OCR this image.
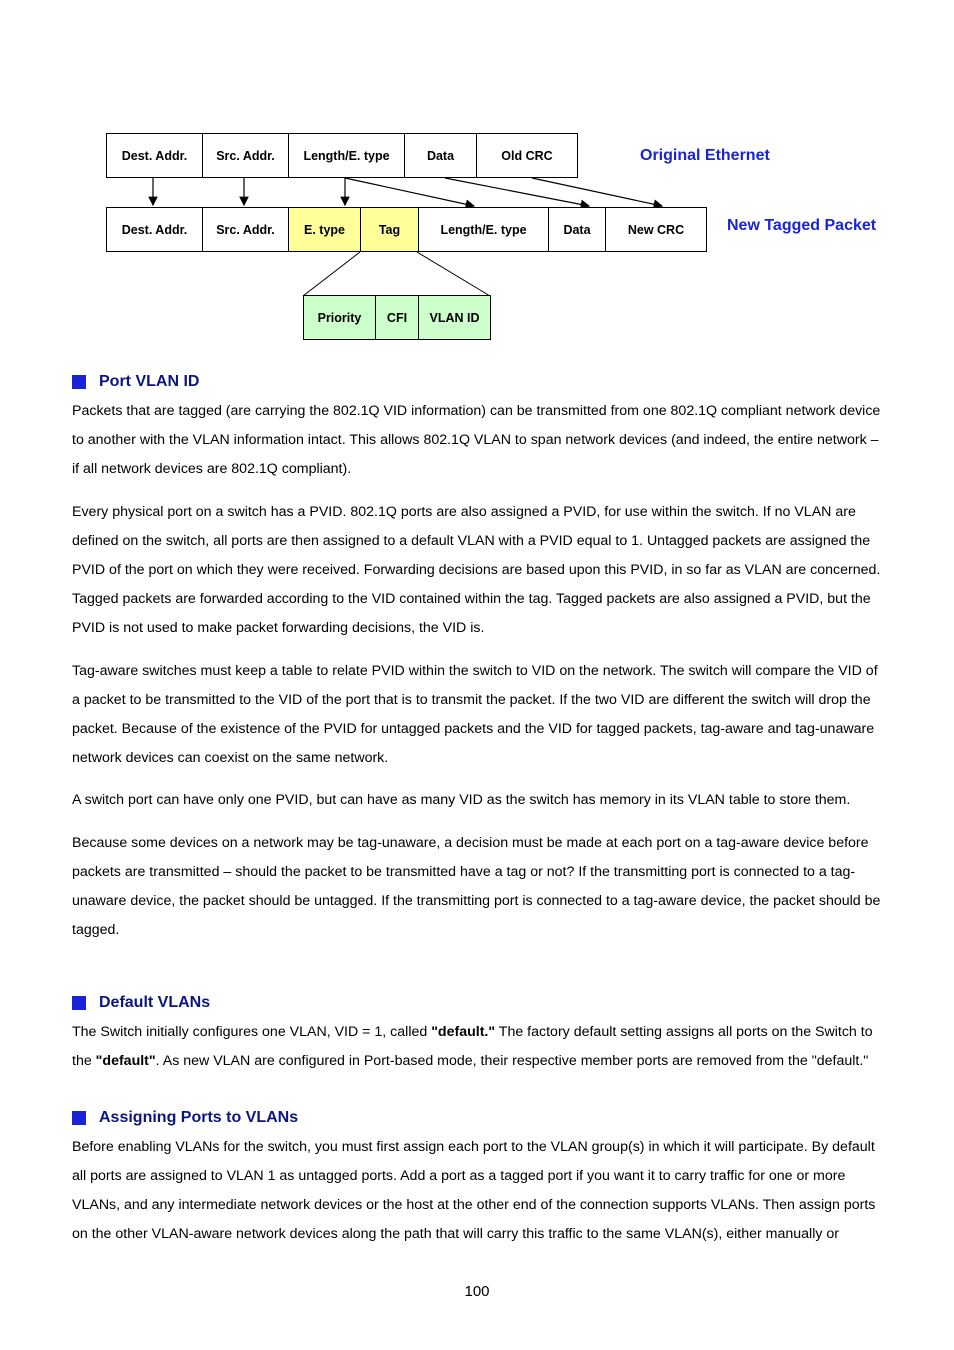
Dest. Addr.	Src. Addr.	Length/E. type	Data	Old CRC	Original Ethernet
Dest. Addr.	Src. Addr.	E. type	Tag	Length/E. type	Data	New CRC	New Tagged Packet
Priority	CFI	VLAN ID
Port VLAN ID

Packets that are tagged (are carrying the 802.1Q VID information) can be transmitted from one 802.1Q compliant network device to another with the VLAN information intact. This allows 802.1Q VLAN to span network devices (and indeed, the entire network – if all network devices are 802.1Q compliant).

Every physical port on a switch has a PVID. 802.1Q ports are also assigned a PVID, for use within the switch. If no VLAN are defined on the switch, all ports are then assigned to a default VLAN with a PVID equal to 1. Untagged packets are assigned the PVID of the port on which they were received. Forwarding decisions are based upon this PVID, in so far as VLAN are concerned. Tagged packets are forwarded according to the VID contained within the tag. Tagged packets are also assigned a PVID, but the PVID is not used to make packet forwarding decisions, the VID is.

Tag-aware switches must keep a table to relate PVID within the switch to VID on the network. The switch will compare the VID of a packet to be transmitted to the VID of the port that is to transmit the packet. If the two VID are different the switch will drop the packet. Because of the existence of the PVID for untagged packets and the VID for tagged packets, tag-aware and tag-unaware network devices can coexist on the same network.

A switch port can have only one PVID, but can have as many VID as the switch has memory in its VLAN table to store them.

Because some devices on a network may be tag-unaware, a decision must be made at each port on a tag-aware device before packets are transmitted – should the packet to be transmitted have a tag or not? If the transmitting port is connected to a tag-unaware device, the packet should be untagged. If the transmitting port is connected to a tag-aware device, the packet should be tagged.

Default VLANs

The Switch initially configures one VLAN, VID = 1, called "default." The factory default setting assigns all ports on the Switch to the "default". As new VLAN are configured in Port-based mode, their respective member ports are removed from the "default."

Assigning Ports to VLANs

Before enabling VLANs for the switch, you must first assign each port to the VLAN group(s) in which it will participate. By default all ports are assigned to VLAN 1 as untagged ports. Add a port as a tagged port if you want it to carry traffic for one or more VLANs, and any intermediate network devices or the host at the other end of the connection supports VLANs. Then assign ports on the other VLAN-aware network devices along the path that will carry this traffic to the same VLAN(s), either manually or

100
